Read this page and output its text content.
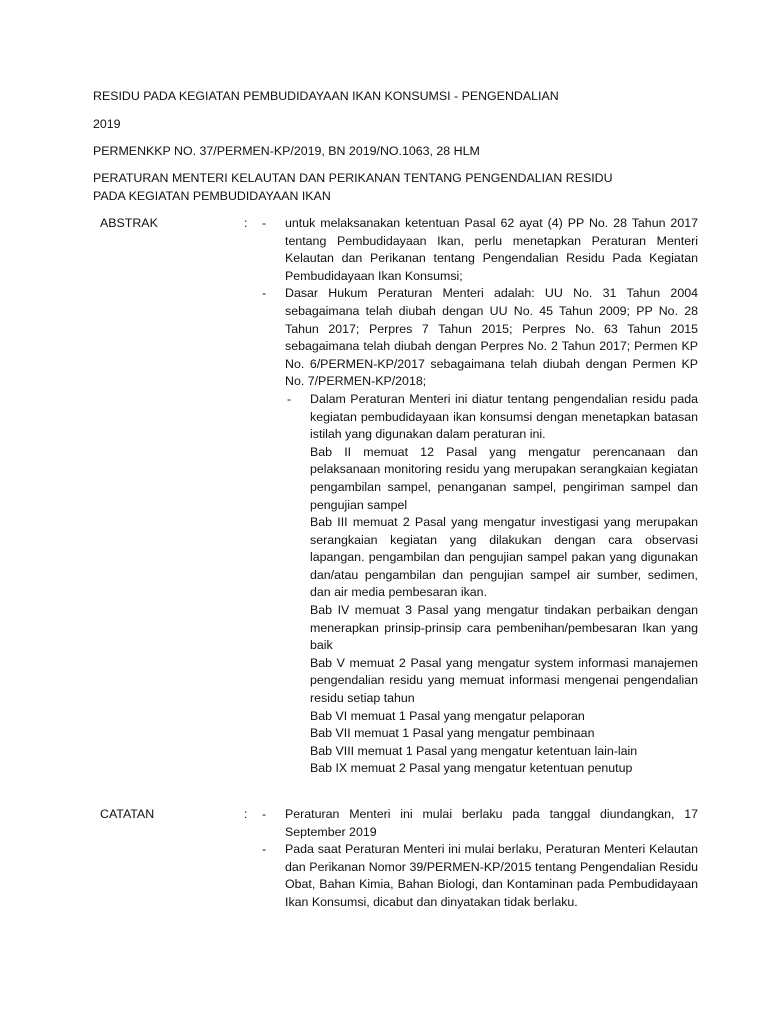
RESIDU PADA KEGIATAN PEMBUDIDAYAAN IKAN KONSUMSI - PENGENDALIAN
2019
PERMENKKP NO. 37/PERMEN-KP/2019, BN 2019/NO.1063, 28 HLM
PERATURAN MENTERI KELAUTAN DAN PERIKANAN TENTANG PENGENDALIAN RESIDU PADA KEGIATAN PEMBUDIDAYAAN IKAN
ABSTRAK	: - untuk melaksanakan ketentuan Pasal 62 ayat (4) PP No. 28 Tahun 2017 tentang Pembudidayaan Ikan, perlu menetapkan Peraturan Menteri Kelautan dan Perikanan tentang Pengendalian Residu Pada Kegiatan Pembudidayaan Ikan Konsumsi;
- Dasar Hukum Peraturan Menteri adalah: UU No. 31 Tahun 2004 sebagaimana telah diubah dengan UU No. 45 Tahun 2009; PP No. 28 Tahun 2017; Perpres 7 Tahun 2015; Perpres No. 63 Tahun 2015 sebagaimana telah diubah dengan Perpres No. 2 Tahun 2017; Permen KP No. 6/PERMEN-KP/2017 sebagaimana telah diubah dengan Permen KP No. 7/PERMEN-KP/2018;
- Dalam Peraturan Menteri ini diatur tentang pengendalian residu pada kegiatan pembudidayaan ikan konsumsi dengan menetapkan batasan istilah yang digunakan dalam peraturan ini.
Bab II memuat 12 Pasal yang mengatur perencanaan dan pelaksanaan monitoring residu yang merupakan serangkaian kegiatan pengambilan sampel, penanganan sampel, pengiriman sampel dan pengujian sampel
Bab III memuat 2 Pasal yang mengatur investigasi yang merupakan serangkaian kegiatan yang dilakukan dengan cara observasi lapangan. pengambilan dan pengujian sampel pakan yang digunakan dan/atau pengambilan dan pengujian sampel air sumber, sedimen, dan air media pembesaran ikan.
Bab IV memuat 3 Pasal yang mengatur tindakan perbaikan dengan menerapkan prinsip-prinsip cara pembenihan/pembesaran Ikan yang baik
Bab V memuat 2 Pasal yang mengatur system informasi manajemen pengendalian residu yang memuat informasi mengenai pengendalian residu setiap tahun
Bab VI memuat 1 Pasal yang mengatur pelaporan
Bab VII memuat 1 Pasal yang mengatur pembinaan
Bab VIII memuat 1 Pasal yang mengatur ketentuan lain-lain
Bab IX memuat 2 Pasal yang mengatur ketentuan penutup
CATATAN	: - Peraturan Menteri ini mulai berlaku pada tanggal diundangkan, 17 September 2019
- Pada saat Peraturan Menteri ini mulai berlaku, Peraturan Menteri Kelautan dan Perikanan Nomor 39/PERMEN-KP/2015 tentang Pengendalian Residu Obat, Bahan Kimia, Bahan Biologi, dan Kontaminan pada Pembudidayaan Ikan Konsumsi, dicabut dan dinyatakan tidak berlaku.
